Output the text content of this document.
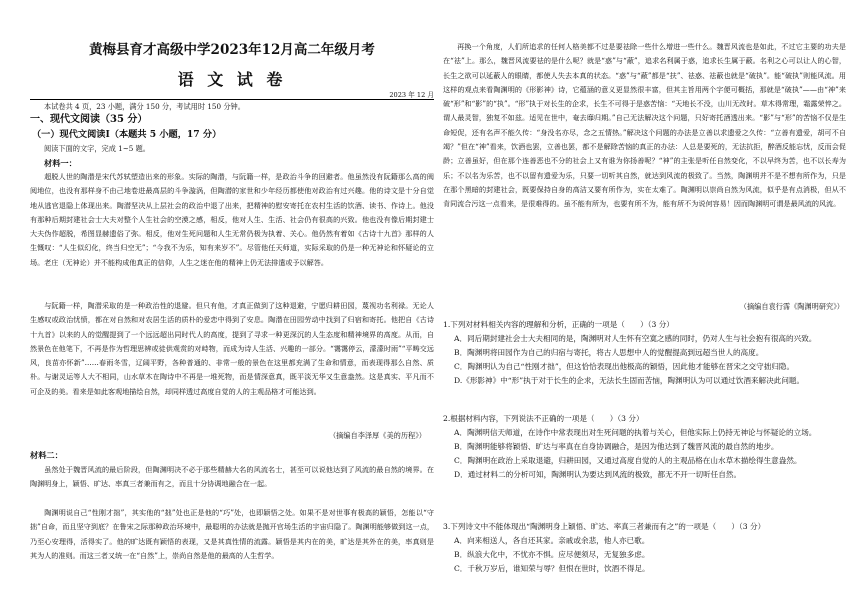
黄梅县育才高级中学2023年12月高二年级月考
语 文 试 卷
2023 年 12 月
本试卷共 4 页，23 小题，满分 150 分，考试用时 150 分钟。
一、现代文阅读（35 分）
（一）现代文阅读Ⅰ（本题共 5 小题，17 分）
阅读下面的文字，完成 1~5 题。
材料一：
超脱人世的陶潜是宋代苏轼塑造出来的形象。实际的陶潜，与阮籍一样，是政治斗争的回避者。他虽然没有阮籍那么高的阀阅地位，也没有那样身不由己地卷进最高层的斗争漩涡，但陶潜的家世和少年经历都使他对政治有过兴趣。他的诗文是十分自觉地从逃官退隐上体现出来。陶潜坚决从上层社会的政治中退了出来，把精神的慰安寄托在农村生活的饮酒、读书、作诗上。他没有那种后期封建社会士大夫对整个人生社会的空漠之感，相反，他对人生、生活、社会仍有很高的兴致。他也没有像后期封建士大夫伪作超脱，希图显赫遗俗了弥。相反，他对生死问题和人生无常仍极为执着、关心。他仍然有着如《古诗十九首》那样的人生慨叹：“人生似幻化，终当归空无”；“今我不为乐，知有来岁不”。尽管他任天师道，实际采取的仍是一种无神论和怀疑论的立场。老庄（无神论）并不能构成他真正的信仰，人生之迷在他的精神上仍无法排遣或予以解答。
与阮籍一样，陶潜采取的是一种政治性的退避。但只有他，才真正做到了这种退避，宁愿归耕田园，蔑视功名利禄。无论人生感叹或政治忧愤，都在对自然和对农居生活的质朴的爱恋中得到了安息。陶潜在田园劳动中找到了归宿和寄托。他把自《古诗十九首》以来的人的觉醒提到了一个远远超出同时代人的高度，提到了寻求一种更深沉的人生态度和精神境界的高度。从而，自然景色在他笔下，不再是作为哲理思辨或徒供观赏的对峙物，而成为诗人生活、兴趣的一部分。“霭霭停云，濛濛时雨”“平畴交远风，良苗亦怀新”……春雨冬雪，辽阔平野，各种普通的、非常一般的景色在这里都充满了生命和情意，而表现得那么自然、质朴。与谢灵运等人大不相同，山水草木在陶诗中不再是一堆死物，而是情深意真，既平淡无华又生意盎然。这是真实、平凡而不可企及的美。看来是如此客观地描绘自然，却同样透过高度自觉的人的主观品格才可能达到。
（摘编自李泽厚《美的历程》）
材料二：
虽然处于魏晋风流的最后阶段，但陶渊明决不必于那些精赫大名的风流名士，甚至可以说他达到了风流的最自然的境界。在陶渊明身上，颖悟、旷达、率真三者兼而有之，而且十分协调地融合在一起。
陶渊明说自己“性刚才拙”，其实他的“拙”处也正是他的“巧”处，也即颖悟之处。如果不是对世事有极高的颖悟，怎能以“守拙”自命，而且坚守到底？在鲁宋之际那种政治环境中，最聪明的办法就是抛开官场生活的宇宙归隐了。陶渊明能够做到这一点，乃至心安理得，活得实了。他的旷达既有颖悟的表现，又是其真性情的流露。颖悟是其内在的美，旷达是其外在的美，率真则是其为人的准则。而这三者又统一在“自然”上，崇尚自然是他的最高的人生哲学。
再换一个角度，人们所追求的任何人格美都不过是要祛除一些什么增进一些什么。魏晋风流也是如此，不过它主要的功夫是在“祛”上。那么，魏晋风流要祛的是什么呢？就是“惑”与“蔽”，追求名利属于惑，追求长生属于蔽。名利之心可以让人的心智，长生之欲可以延蔽人的眼睛，都使人失去本真的状态。“惑”与“蔽”都是“扶”、祛惑、祛蔽也就是“破执”。能“破执”则能风流。用这样的观点来看陶渊明的《形影神》诗，它蕴涵的意义更显然很丰富，但其主旨用两个字便可概括，那就是“破执”——由“神”来破“形”和“影”的“执”。“形”执于对长生的企求，长生不可得于是惑苦恼：“天地长不没，山川无改时。草木得常理，霜露荣悴之。谓人最灵智，独复不如兹。适见在世中，奄去靡归期。”自己无法解决这个问题，只好寄托酒透出来。“影”与“形”的苦恼不仅是生命短促，还有名声不能久传：“身没名亦尽，念之五情热。”解决这个问题的办法是立善以求遗爱之久传：“立善有遗爱，胡可不自竭？”但在“神”看来，饮酒也罢，立善也罢，都不是解除苦恼的真正的办法：人总是要死的，无法抗拒，醉酒反能忘忧，反而会促龄；立善虽好，但在那个连善恶也不分的社会上又有谁为你扬善呢？“神”的主张是听任自然变化，不以早终为苦，也不以长寿为乐；不以名为乐苦，也不以留有遗爱为乐，只要一切听其自然，就达到风流的极致了。当然，陶渊明并不是不想有所作为，只是在那个黑暗的封建社会，既要保持自身的高洁又要有所作为，实在太难了。陶渊明以崇尚自然为风流，似乎是有点消极，但从不肯同流合污这一点看来，是很难得的。虽不能有所为，也要有所不为，能有所不为说何容易！因而陶渊明可谓是最风流的风流。
（摘编自袁行霈《陶渊明研究》）
1.下列对材料相关内容的理解和分析，正确的一项是（　　）（3 分）
A．同后期封建社会士大夫相同的是，陶渊明对人生怀有空寞之感的同时，仍对人生与社会抱有很高的兴致。
B．陶渊明将田园作为自己的归宿与寄托，将古人思想中人的觉醒提高到远超当世人的高度。
C．陶渊明认为自己“性刚才拙”，但这恰恰表现出他极高的颖悟，因此他才能够在晋宋之交守拙归隐。
D.《形影神》中“形”执于对于长生的企求，无法长生固而苦恼，陶渊明认为可以通过饮酒来解决此问题。
2.根据材料内容，下列说法不正确的一项是（　　）（3 分）
A．陶渊明信天师道，在诗作中常表现出对生死问题的执着与关心，但他实际上仍持无神论与怀疑论的立场。
B．陶渊明能够将颖悟、旷达与率真在自身协调融合，是因为他达到了魏晋风流的最自然的地步。
C．陶渊明在政治上采取退避，归耕田园，又通过高度自觉的人的主观品格在山水草木描绘得生意盎然。
D．通过材料二的分析可知，陶渊明认为要达到风流的极致，都无不开一切听任自然。
3.下列诗文中不能体现出“陶渊明身上颖悟、旷达、率真三者兼而有之”的一项是（　　）（3 分）
A．向来相送人，各自还其家。亲戚或余悲，他人亦已歌。
B．纵浪大化中，不忧亦不惧。应尽便须尽，无复独多虑。
C．千秋万岁后，谁知荣与辱？但恨在世时，饮酒不得足。
